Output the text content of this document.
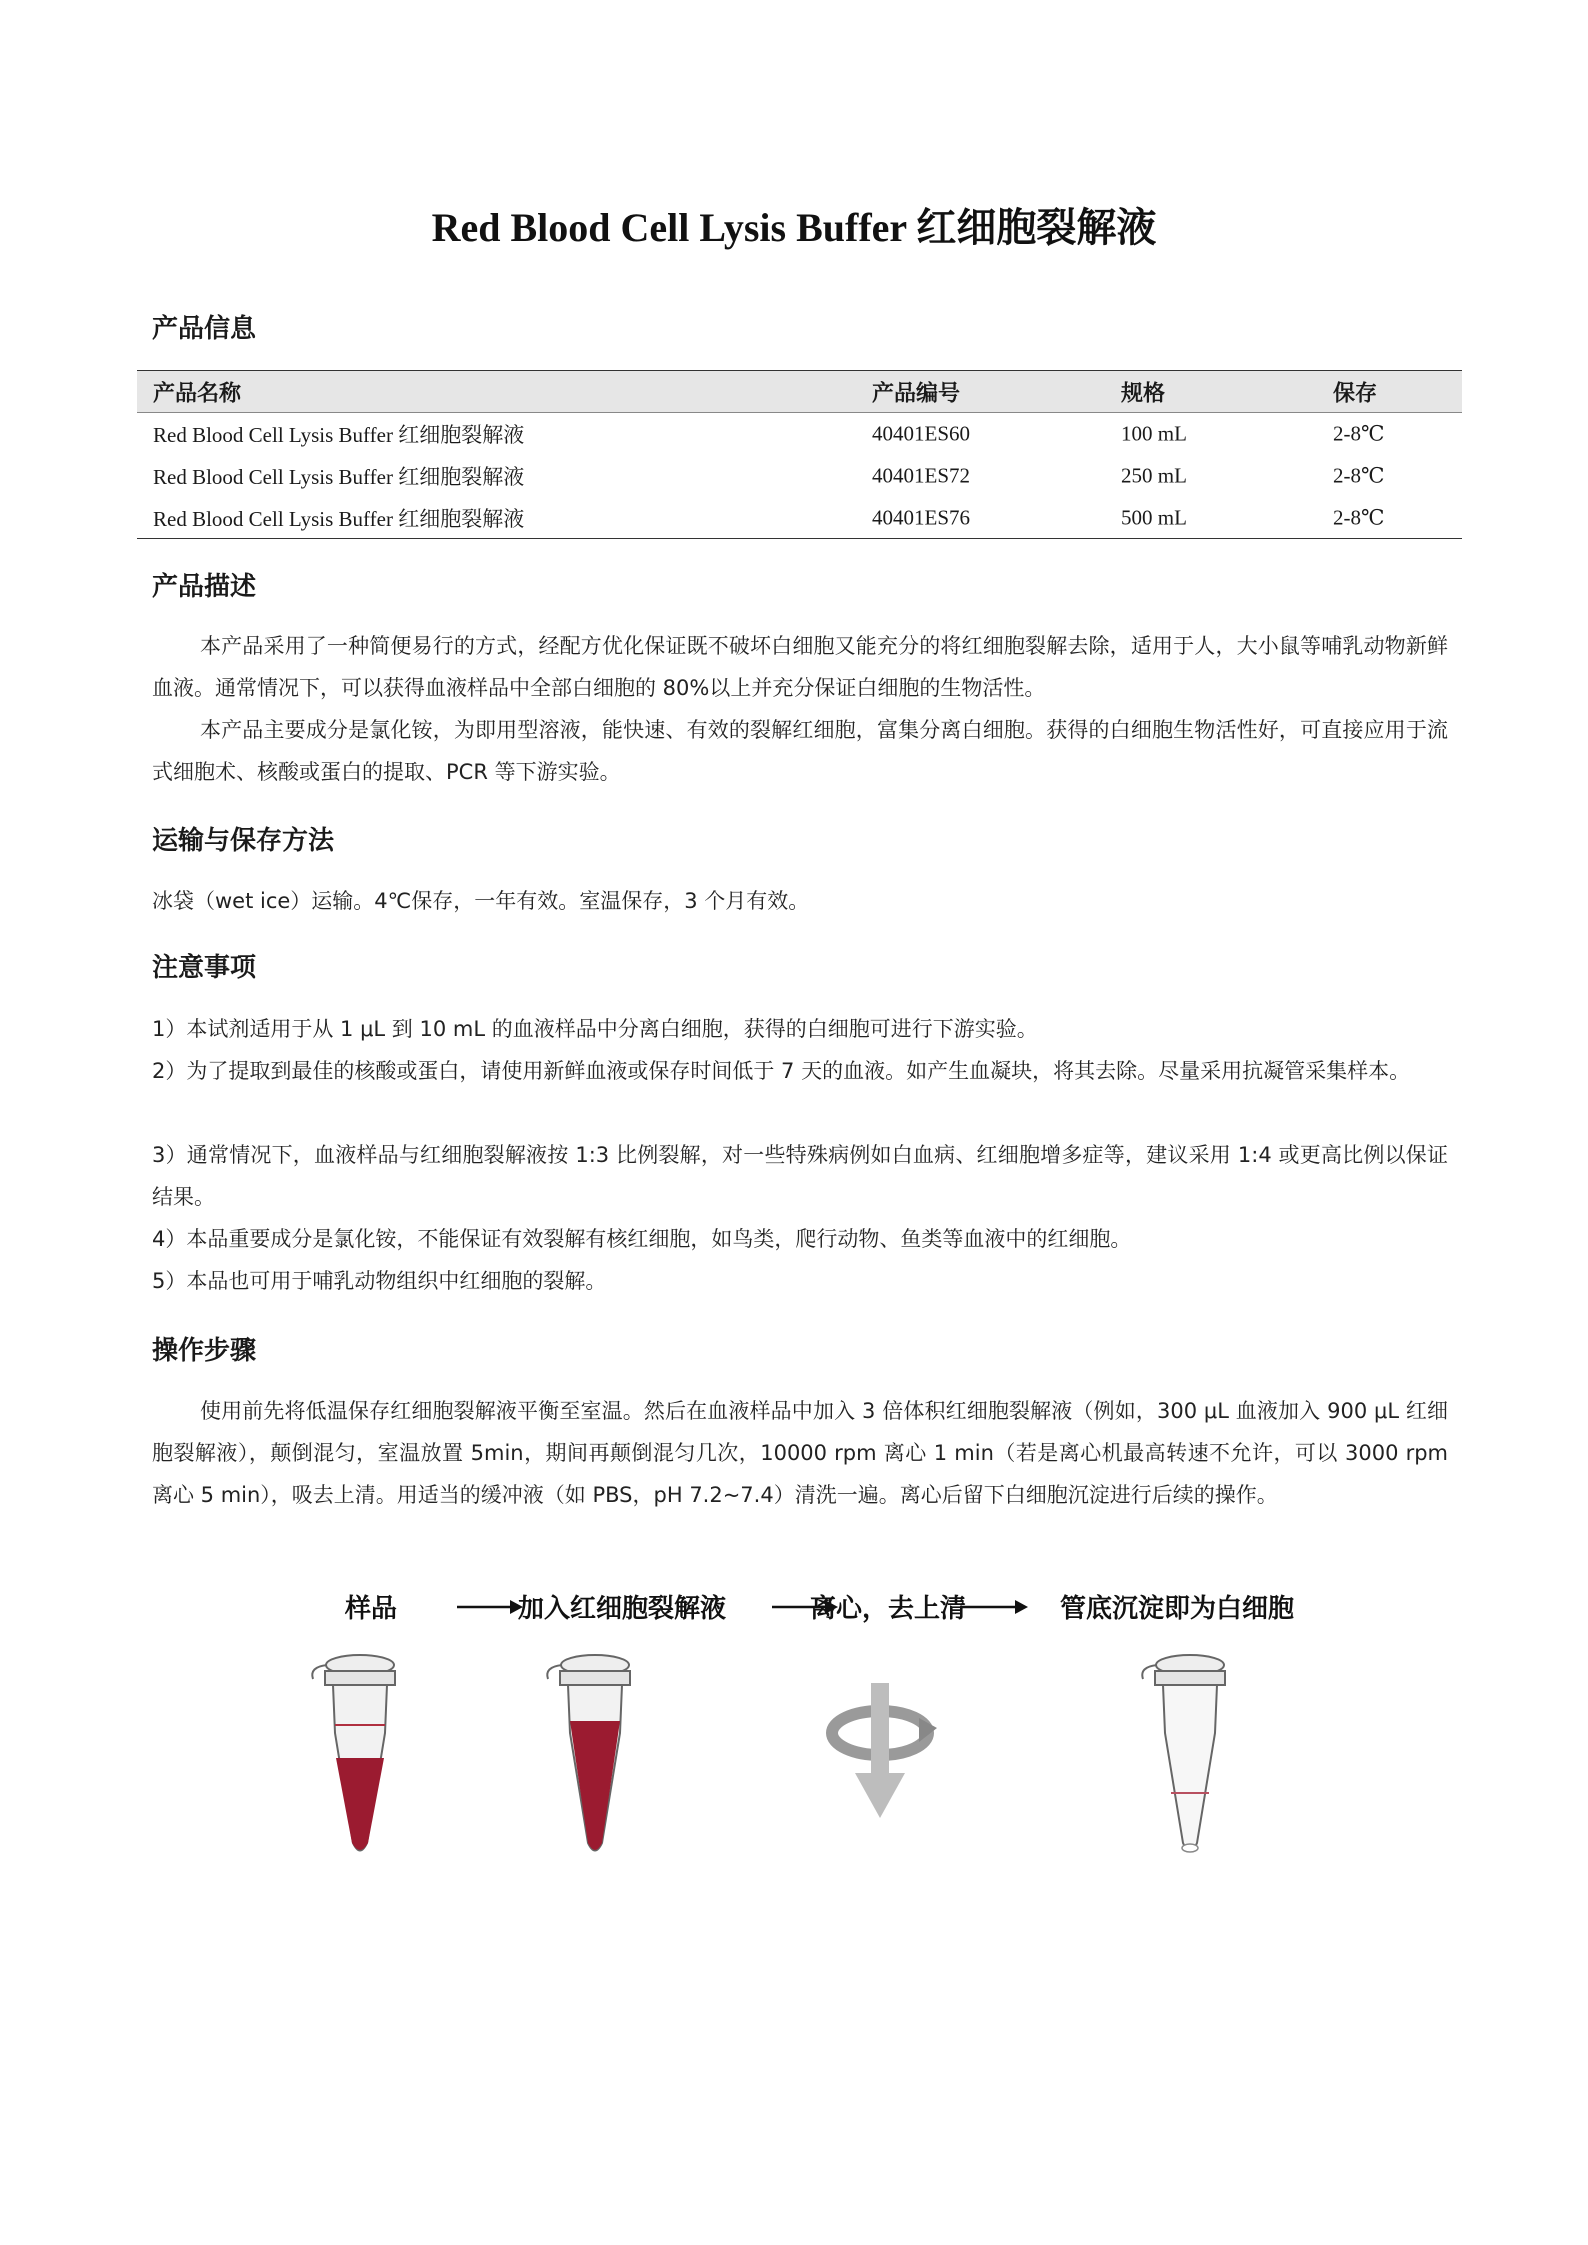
Red Blood Cell Lysis Buffer 红细胞裂解液
产品信息
产品名称	产品编号	规格	保存
Red Blood Cell Lysis Buffer 红细胞裂解液	40401ES60	100 mL	2-8℃
Red Blood Cell Lysis Buffer 红细胞裂解液	40401ES72	250 mL	2-8℃
Red Blood Cell Lysis Buffer 红细胞裂解液	40401ES76	500 mL	2-8℃
产品描述
本产品采用了一种简便易行的方式，经配方优化保证既不破坏白细胞又能充分的将红细胞裂解去除，适用于人，大小鼠等哺乳动物新鲜血液。通常情况下，可以获得血液样品中全部白细胞的 80%以上并充分保证白细胞的生物活性。
本产品主要成分是氯化铵，为即用型溶液，能快速、有效的裂解红细胞，富集分离白细胞。获得的白细胞生物活性好，可直接应用于流式细胞术、核酸或蛋白的提取、PCR 等下游实验。
运输与保存方法
冰袋（wet ice）运输。4℃保存，一年有效。室温保存，3 个月有效。
注意事项
1）本试剂适用于从 1 μL 到 10 mL 的血液样品中分离白细胞，获得的白细胞可进行下游实验。
2）为了提取到最佳的核酸或蛋白，请使用新鲜血液或保存时间低于 7 天的血液。如产生血凝块，将其去除。尽量采用抗凝管采集样本。
3）通常情况下，血液样品与红细胞裂解液按 1:3 比例裂解，对一些特殊病例如白血病、红细胞增多症等，建议采用 1:4 或更高比例以保证结果。
4）本品重要成分是氯化铵，不能保证有效裂解有核红细胞，如鸟类，爬行动物、鱼类等血液中的红细胞。
5）本品也可用于哺乳动物组织中红细胞的裂解。
操作步骤
使用前先将低温保存红细胞裂解液平衡至室温。然后在血液样品中加入 3 倍体积红细胞裂解液（例如，300 μL 血液加入 900 μL 红细胞裂解液），颠倒混匀，室温放置 5min，期间再颠倒混匀几次，10000 rpm 离心 1 min（若是离心机最高转速不允许，可以 3000 rpm 离心 5 min），吸去上清。用适当的缓冲液（如 PBS，pH 7.2~7.4）清洗一遍。离心后留下白细胞沉淀进行后续的操作。
样品	加入红细胞裂解液	离心，去上清	管底沉淀即为白细胞
